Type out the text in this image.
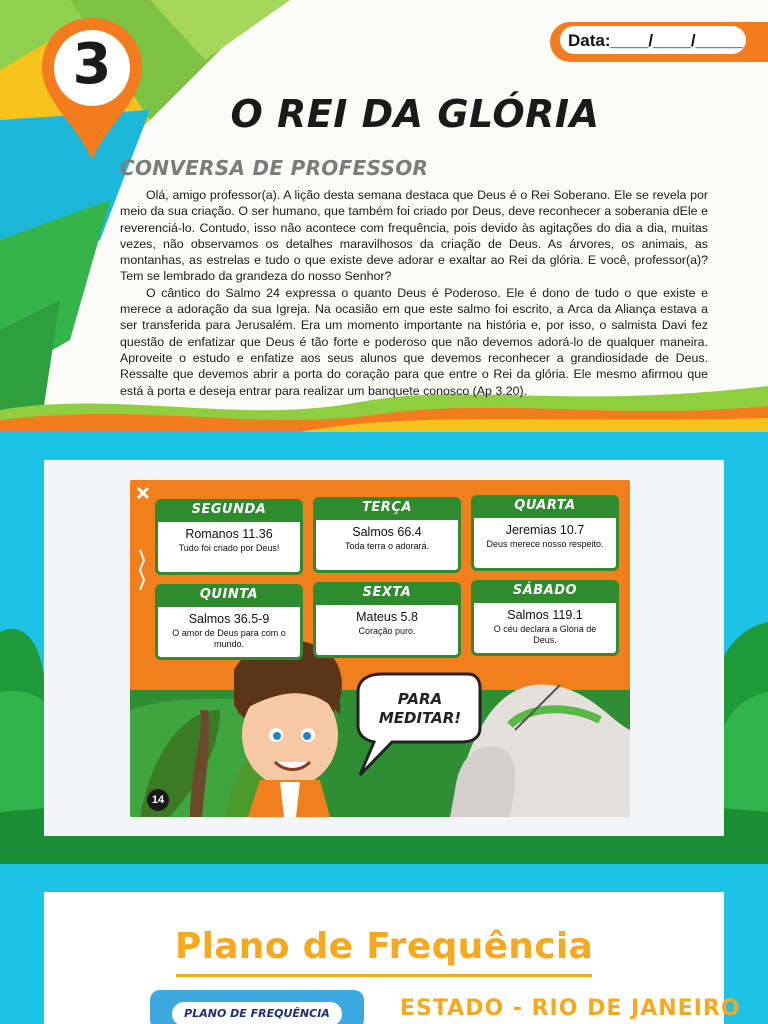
3	Data:____/____/_____
O REI DA GLÓRIA
CONVERSA DE PROFESSOR

Olá, amigo professor(a). A lição desta semana destaca que Deus é o Rei Soberano. Ele se revela por meio da sua criação. O ser humano, que também foi criado por Deus, deve reconhecer a soberania dEle e reverenciá-lo. Contudo, isso não acontece com frequência, pois devido às agitações do dia a dia, muitas vezes, não observamos os detalhes maravilhosos da criação de Deus. As árvores, os animais, as montanhas, as estrelas e tudo o que existe deve adorar e exaltar ao Rei da glória. E você, professor(a)? Tem se lembrado da grandeza do nosso Senhor?

O cântico do Salmo 24 expressa o quanto Deus é Poderoso. Ele é dono de tudo o que existe e merece a adoração da sua Igreja. Na ocasião em que este salmo foi escrito, a Arca da Aliança estava a ser transferida para Jerusalém. Era um momento importante na história e, por isso, o salmista Davi fez questão de enfatizar que Deus é tão forte e poderoso que não devemos adorá-lo de qualquer maneira. Aproveite o estudo e enfatize aos seus alunos que devemos reconhecer a grandiosidade de Deus. Ressalte que devemos abrir a porta do coração para que entre o Rei da glória. Ele mesmo afirmou que está à porta e deseja entrar para realizar um banquete conosco (Ap 3.20).

SEGUNDA
Romanos 11.36
Tudo foi criado por Deus!
TERÇA
Salmos 66.4
Toda terra o adorará.
QUARTA
Jeremias 10.7
Deus merece nosso respeito.
QUINTA
Salmos 36.5-9
O amor de Deus para com o mundo.
SEXTA
Mateus 5.8
Coração puro.
SÁBADO
Salmos 119.1
O céu declara a Glória de Deus.
PARA MEDITAR!
14
Plano de Frequência
PLANO DE FREQUÊNCIA	ESTADO - RIO DE JANEIRO
